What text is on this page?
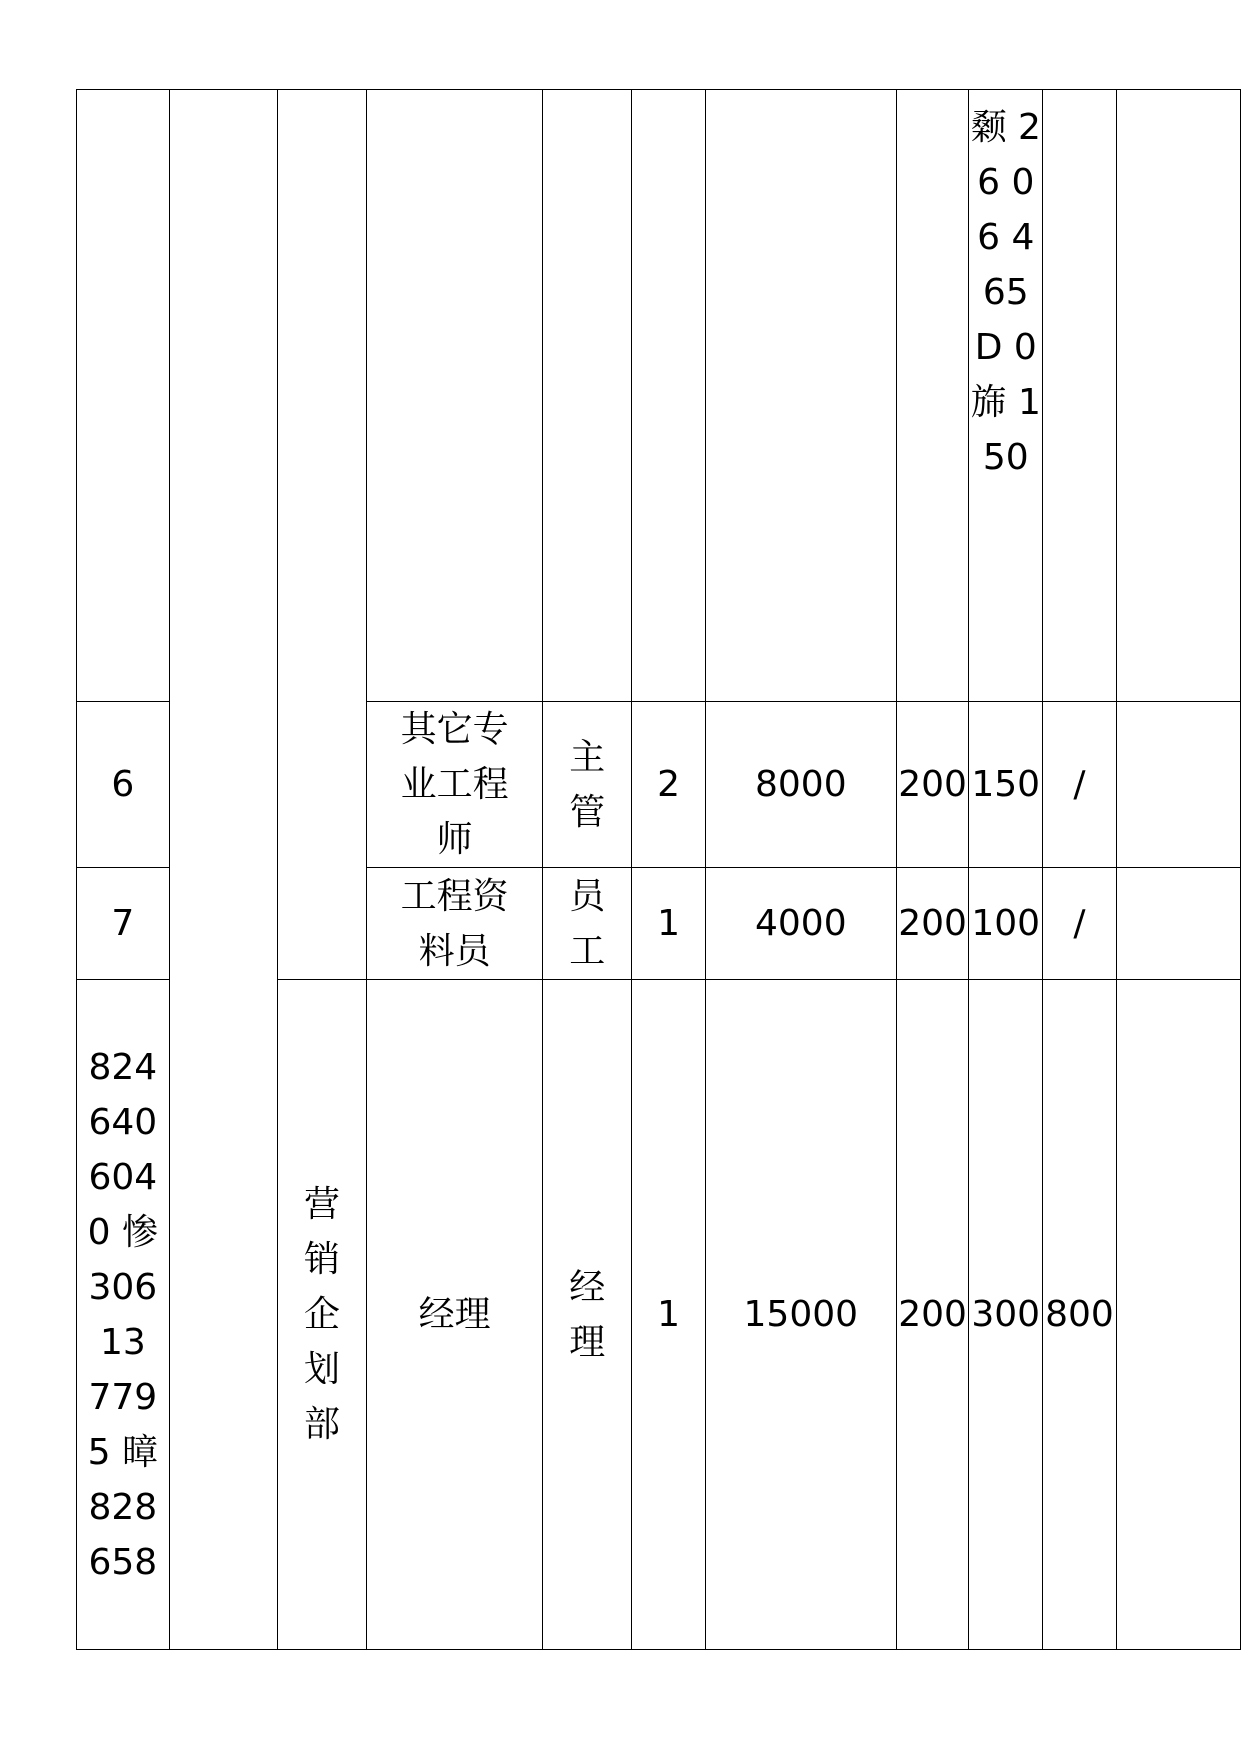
								颡 26 06 4 65 D 0 旆 150		

6			其它专业工程师	主管	2	8000	200	150	/	
7			工程资料员	员工	1	4000	200	100	/	
8246406040 惨 306 13 7795 暲 828 658		营销企划部	经理	经理	1	15000	200	300	800	
